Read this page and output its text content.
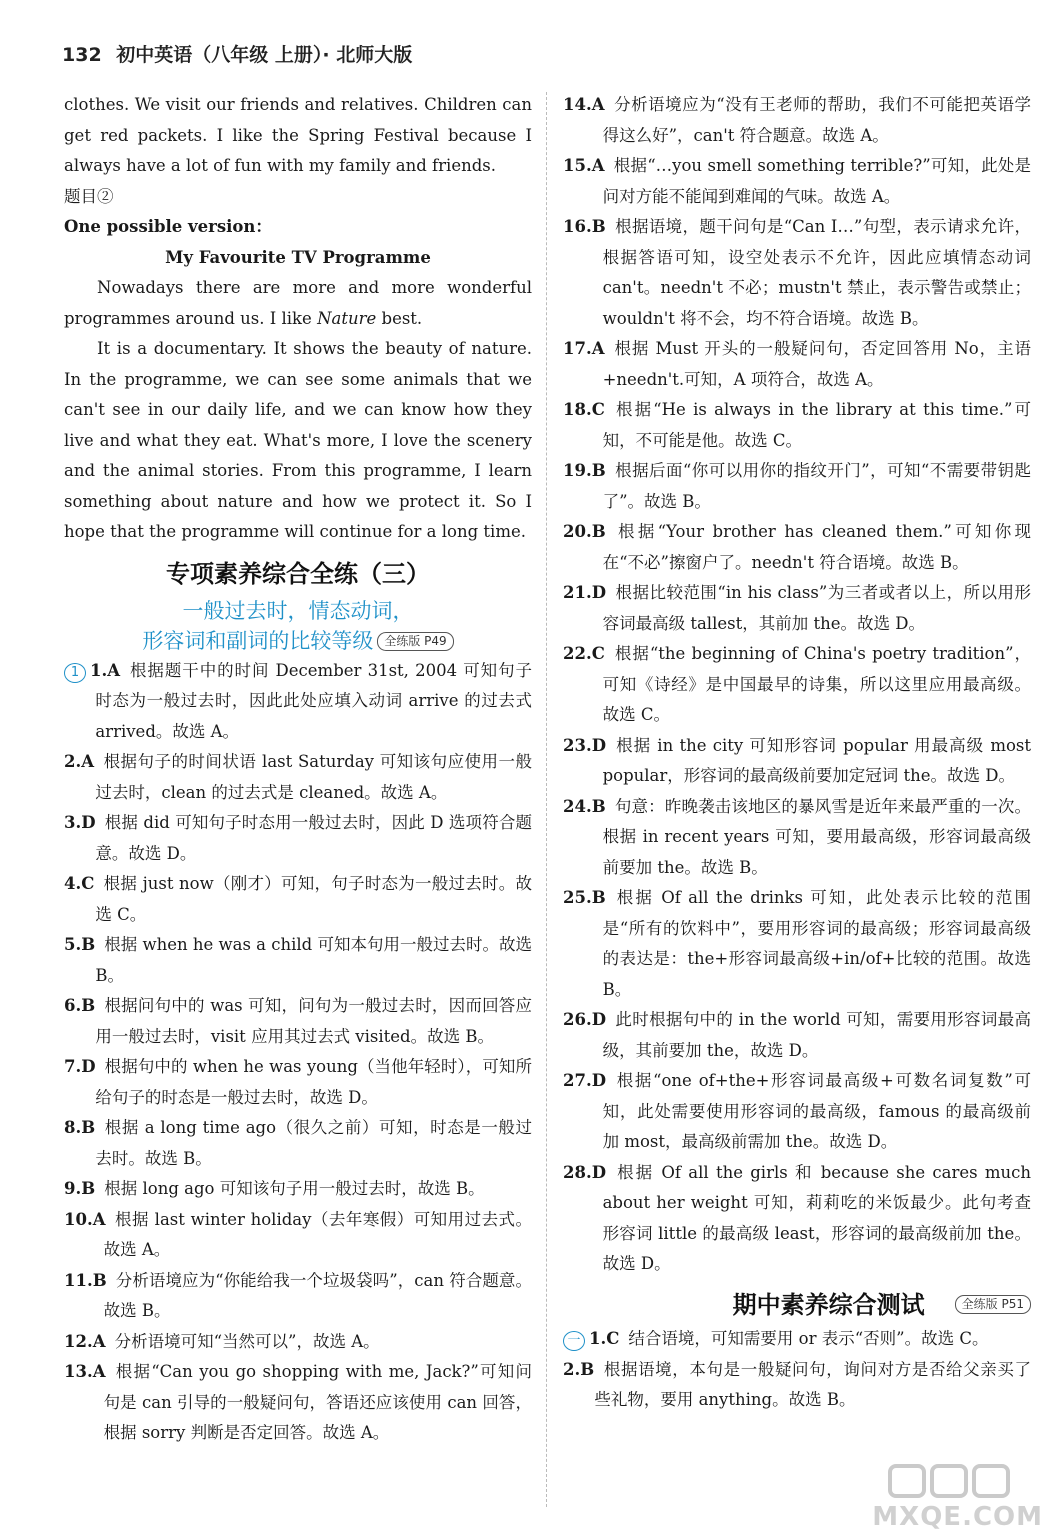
132 初中英语（八年级 上册）· 北师大版

clothes. We visit our friends and relatives. Children can get red packets. I like the Spring Festival because I always have a lot of fun with my family and friends.

题目②

One possible version：

My Favourite TV Programme

Nowadays there are more and more wonderful programmes around us. I like Nature best.

It is a documentary. It shows the beauty of nature. In the programme, we can see some animals that we can't see in our daily life, and we can know how they live and what they eat. What's more, I love the scenery and the animal stories. From this programme, I learn something about nature and how we protect it. So I hope that the programme will continue for a long time.

专项素养综合全练（三）

一般过去时，情态动词，

形容词和副词的比较等级 全练版 P49

1 1.A 根据题干中的时间 December 31st, 2004 可知句子时态为一般过去时，因此此处应填入动词 arrive 的过去式 arrived。故选 A。

2.A 根据句子的时间状语 last Saturday 可知该句应使用一般过去时，clean 的过去式是 cleaned。故选 A。

3.D 根据 did 可知句子时态用一般过去时，因此 D 选项符合题意。故选 D。

4.C 根据 just now（刚才）可知，句子时态为一般过去时。故选 C。

5.B 根据 when he was a child 可知本句用一般过去时。故选 B。

6.B 根据问句中的 was 可知，问句为一般过去时，因而回答应用一般过去时，visit 应用其过去式 visited。故选 B。

7.D 根据句中的 when he was young（当他年轻时），可知所给句子的时态是一般过去时，故选 D。

8.B 根据 a long time ago（很久之前）可知，时态是一般过去时。故选 B。

9.B 根据 long ago 可知该句子用一般过去时，故选 B。

10.A 根据 last winter holiday（去年寒假）可知用过去式。故选 A。

11.B 分析语境应为“你能给我一个垃圾袋吗”，can 符合题意。故选 B。

12.A 分析语境可知“当然可以”，故选 A。

13.A 根据“Can you go shopping with me, Jack?”可知问句是 can 引导的一般疑问句，答语还应该使用 can 回答，根据 sorry 判断是否定回答。故选 A。

14.A 分析语境应为“没有王老师的帮助，我们不可能把英语学得这么好”，can't 符合题意。故选 A。

15.A 根据“…you smell something terrible?”可知，此处是问对方能不能闻到难闻的气味。故选 A。

16.B 根据语境，题干问句是“Can I…”句型，表示请求允许，根据答语可知，设空处表示不允许，因此应填情态动词 can't。needn't 不必；mustn't 禁止，表示警告或禁止；wouldn't 将不会，均不符合语境。故选 B。

17.A 根据 Must 开头的一般疑问句，否定回答用 No，主语+needn't.可知，A 项符合，故选 A。

18.C 根据“He is always in the library at this time.”可知，不可能是他。故选 C。

19.B 根据后面“你可以用你的指纹开门”，可知“不需要带钥匙了”。故选 B。

20.B 根据“Your brother has cleaned them.”可知你现在“不必”擦窗户了。needn't 符合语境。故选 B。

21.D 根据比较范围“in his class”为三者或者以上，所以用形容词最高级 tallest，其前加 the。故选 D。

22.C 根据“the beginning of China's poetry tradition”，可知《诗经》是中国最早的诗集，所以这里应用最高级。故选 C。

23.D 根据 in the city 可知形容词 popular 用最高级 most popular，形容词的最高级前要加定冠词 the。故选 D。

24.B 句意：昨晚袭击该地区的暴风雪是近年来最严重的一次。根据 in recent years 可知，要用最高级，形容词最高级前要加 the。故选 B。

25.B 根据 Of all the drinks 可知，此处表示比较的范围是“所有的饮料中”，要用形容词的最高级；形容词最高级的表达是：the+形容词最高级+in/of+比较的范围。故选 B。

26.D 此时根据句中的 in the world 可知，需要用形容词最高级，其前要加 the，故选 D。

27.D 根据“one of+the+形容词最高级+可数名词复数”可知，此处需要使用形容词的最高级，famous 的最高级前加 most，最高级前需加 the。故选 D。

28.D 根据 Of all the girls 和 because she cares much about her weight 可知，莉莉吃的米饭最少。此句考查形容词 little 的最高级 least，形容词的最高级前加 the。故选 D。

期中素养综合测试	全练版 P51

一 1.C 结合语境，可知需要用 or 表示“否则”。故选 C。

2.B 根据语境，本句是一般疑问句，询问对方是否给父亲买了些礼物，要用 anything。故选 B。

MXQE.COM
